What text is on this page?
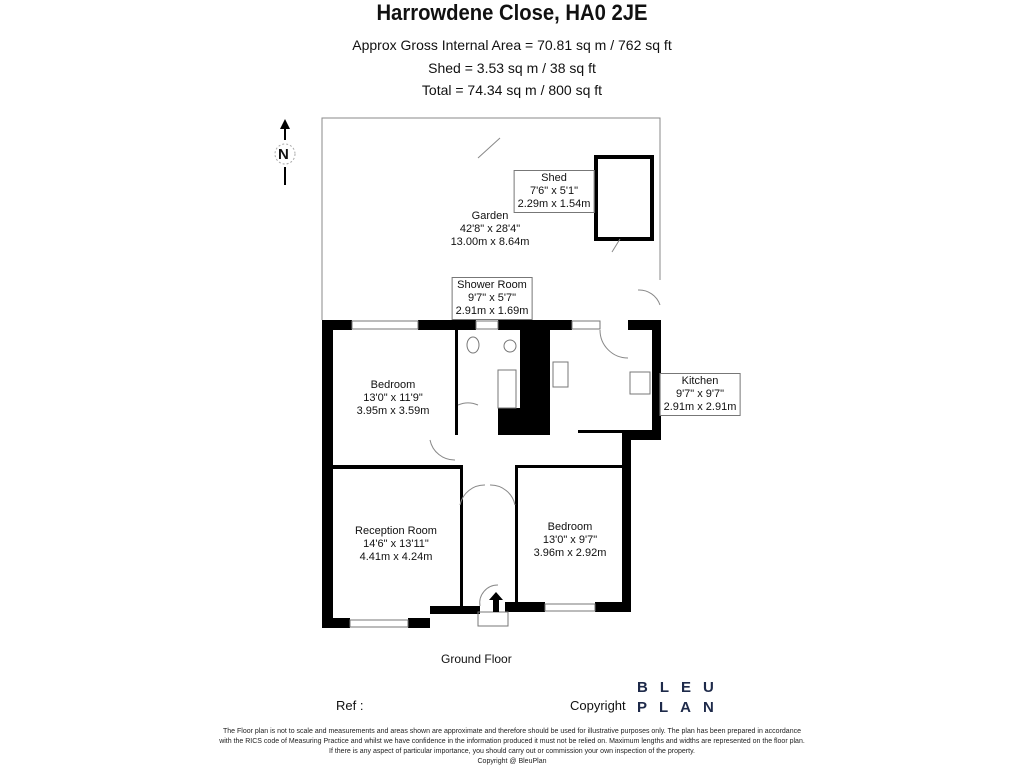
Harrowdene Close, HA0 2JE
Approx Gross Internal Area = 70.81 sq m / 762 sq ft
Shed = 3.53 sq m / 38 sq ft
Total = 74.34 sq m / 800 sq ft
Shed
7'6" x 5'1"
2.29m x 1.54m
Garden
42'8" x 28'4"
13.00m x 8.64m
Shower Room
9'7" x 5'7"
2.91m x 1.69m
Kitchen
9'7" x 9'7"
2.91m x 2.91m
Bedroom
13'0" x 11'9"
3.95m x 3.59m
Reception Room
14'6" x 13'11"
4.41m x 4.24m
Bedroom
13'0" x 9'7"
3.96m x 2.92m
N
Ground Floor
Ref :	Copyright
BLEU
PLAN
The Floor plan is not to scale and measurements and areas shown are approximate and therefore should be used for illustrative purposes only. The plan has been prepared in accordance
with the RICS code of Measuring Practice and whilst we have confidence in the information produced it must not be relied on. Maximum lengths and widths are represented on the floor plan.
If there is any aspect of particular importance, you should carry out or commission your own inspection of the property.
Copyright @ BleuPlan
